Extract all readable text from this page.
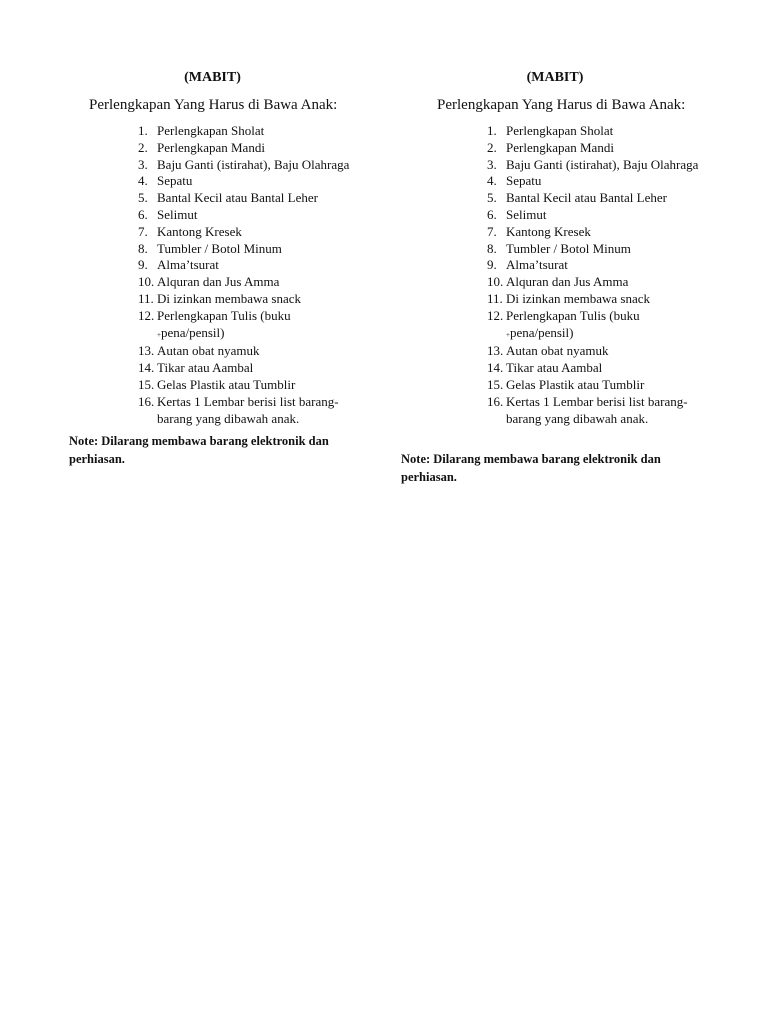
(MABIT)
Perlengkapan Yang Harus di Bawa Anak:
1. Perlengkapan Sholat
2. Perlengkapan Mandi
3. Baju Ganti (istirahat), Baju Olahraga
4. Sepatu
5. Bantal Kecil atau Bantal Leher
6. Selimut
7. Kantong Kresek
8. Tumbler / Botol Minum
9. Alma’tsurat
10. Alquran dan Jus Amma
11. Di izinkan membawa snack
12. Perlengkapan Tulis (buku
+pena/pensil)
13. Autan obat nyamuk
14. Tikar atau Aambal
15. Gelas Plastik atau Tumblir
16. Kertas 1 Lembar berisi list barang-barang yang dibawah anak.
Note: Dilarang membawa barang elektronik dan
perhiasan.
(MABIT)
Perlengkapan Yang Harus di Bawa Anak:
1. Perlengkapan Sholat
2. Perlengkapan Mandi
3. Baju Ganti (istirahat), Baju Olahraga
4. Sepatu
5. Bantal Kecil atau Bantal Leher
6. Selimut
7. Kantong Kresek
8. Tumbler / Botol Minum
9. Alma’tsurat
10. Alquran dan Jus Amma
11. Di izinkan membawa snack
12. Perlengkapan Tulis (buku
+pena/pensil)
13. Autan obat nyamuk
14. Tikar atau Aambal
15. Gelas Plastik atau Tumblir
16. Kertas 1 Lembar berisi list barang-barang yang dibawah anak.
Note: Dilarang membawa barang elektronik dan
perhiasan.
